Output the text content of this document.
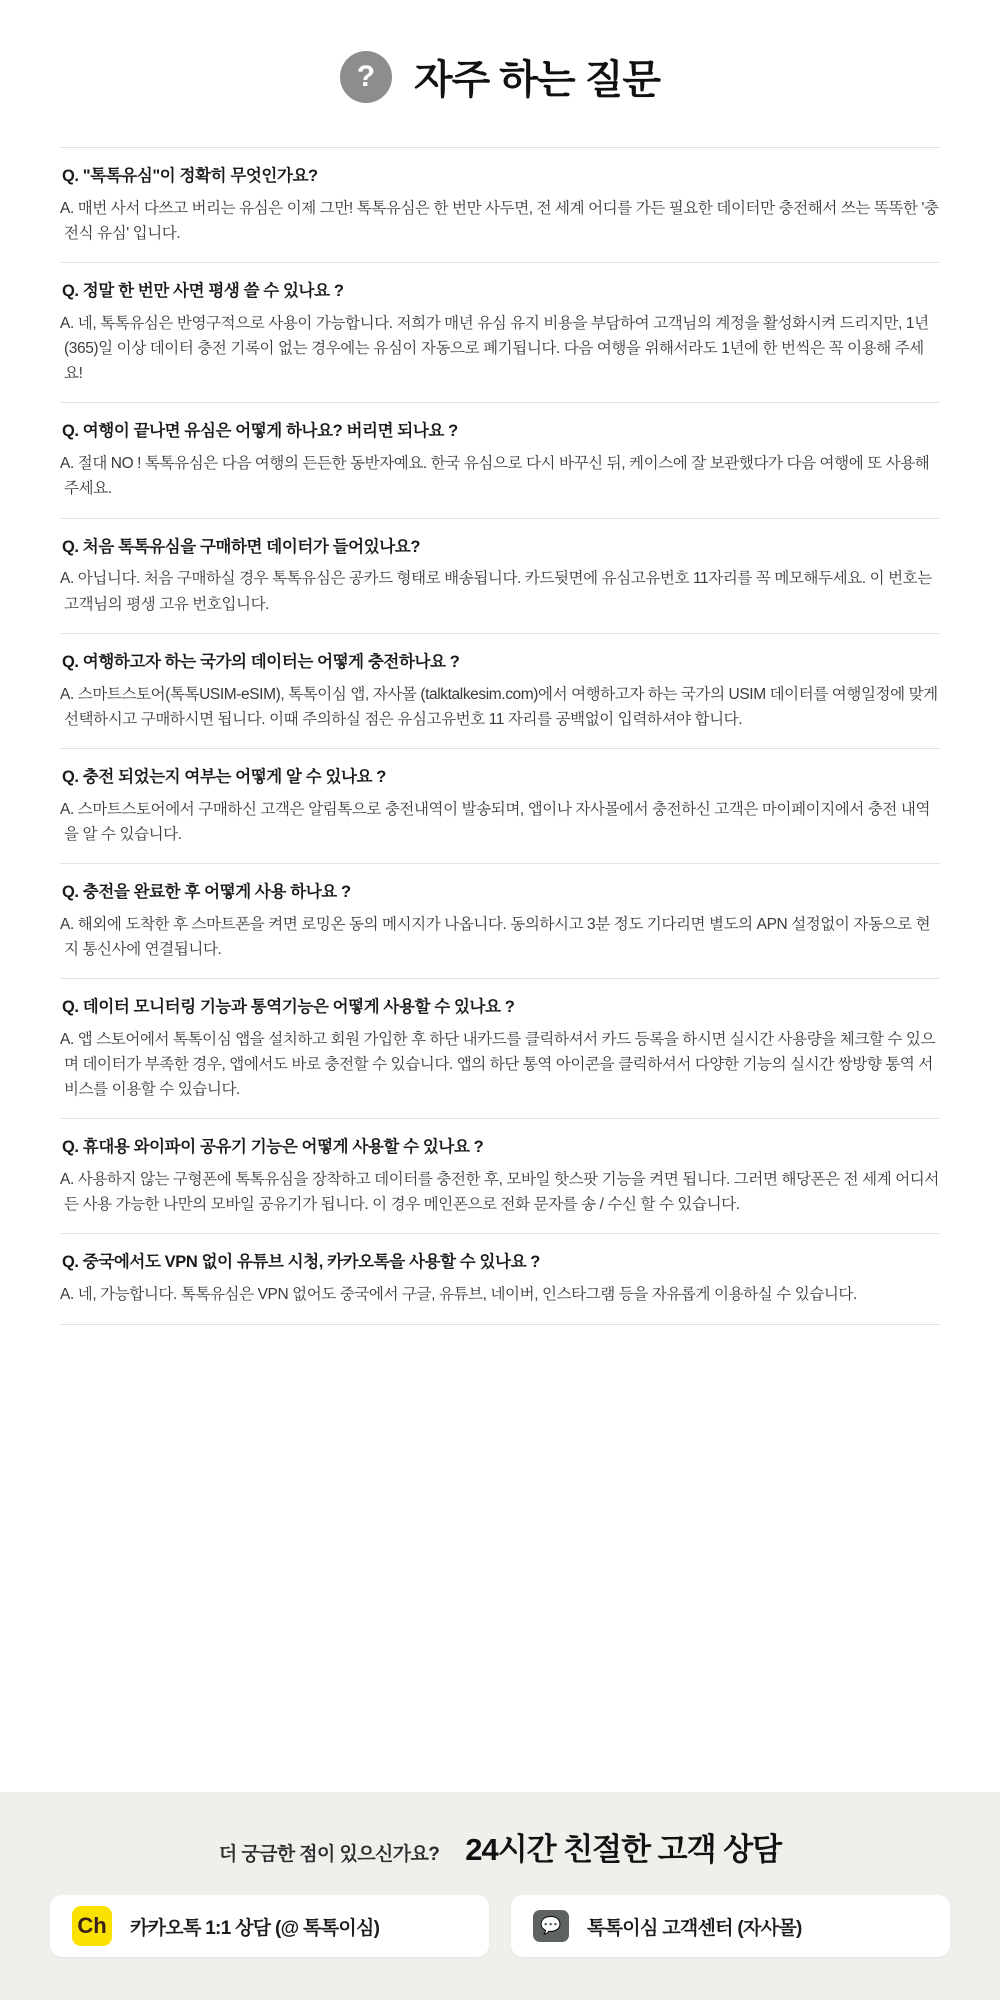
? 자주 하는 질문
Q. "톡톡유심"이 정확히 무엇인가요?
A. 매번 사서 다쓰고 버리는 유심은 이제 그만! 톡톡유심은 한 번만 사두면, 전 세계 어디를 가든 필요한 데이터만 충전해서 쓰는 똑똑한 '충전식 유심' 입니다.
Q. 정말 한 번만 사면 평생 쓸 수 있나요 ?
A. 네, 톡톡유심은 반영구적으로 사용이 가능합니다. 저희가 매년 유심 유지 비용을 부담하여 고객님의 계정을 활성화시켜 드리지만, 1년(365)일 이상 데이터 충전 기록이 없는 경우에는 유심이 자동으로 폐기됩니다. 다음 여행을 위해서라도 1년에 한 번씩은 꼭 이용해 주세요!
Q. 여행이 끝나면 유심은 어떻게 하나요? 버리면 되나요 ?
A. 절대 NO ! 톡톡유심은 다음 여행의 든든한 동반자예요. 한국 유심으로 다시 바꾸신 뒤, 케이스에 잘 보관했다가 다음 여행에 또 사용해 주세요.
Q. 처음 톡톡유심을 구매하면 데이터가 들어있나요?
A. 아닙니다. 처음 구매하실 경우 톡톡유심은 공카드 형태로 배송됩니다. 카드뒷면에 유심고유번호 11자리를 꼭 메모해두세요. 이 번호는 고객님의 평생 고유 번호입니다.
Q. 여행하고자 하는 국가의 데이터는 어떻게 충전하나요 ?
A. 스마트스토어(톡톡USIM-eSIM), 톡톡이심 앱, 자사몰 (talktalkesim.com)에서 여행하고자 하는 국가의 USIM 데이터를 여행일정에 맞게 선택하시고 구매하시면 됩니다. 이때 주의하실 점은 유심고유번호 11 자리를 공백없이 입력하셔야 합니다.
Q. 충전 되었는지 여부는 어떻게 알 수 있나요 ?
A. 스마트스토어에서 구매하신 고객은 알림톡으로 충전내역이 발송되며, 앱이나 자사몰에서 충전하신 고객은 마이페이지에서 충전 내역을 알 수 있습니다.
Q. 충전을 완료한 후 어떻게 사용 하나요 ?
A. 해외에 도착한 후 스마트폰을 켜면 로밍온 동의 메시지가 나옵니다. 동의하시고 3분 정도 기다리면 별도의 APN 설정없이 자동으로 현지 통신사에 연결됩니다.
Q. 데이터 모니터링 기능과 통역기능은 어떻게 사용할 수 있나요 ?
A. 앱 스토어에서 톡톡이심 앱을 설치하고 회원 가입한 후 하단 내카드를 클릭하셔서 카드 등록을 하시면 실시간 사용량을 체크할 수 있으며 데이터가 부족한 경우, 앱에서도 바로 충전할 수 있습니다. 앱의 하단 통역 아이콘을 클릭하셔서 다양한 기능의 실시간 쌍방향 통역 서비스를 이용할 수 있습니다.
Q. 휴대용 와이파이 공유기 기능은 어떻게 사용할 수 있나요 ?
A. 사용하지 않는 구형폰에 톡톡유심을 장착하고 데이터를 충전한 후, 모바일 핫스팟 기능을 켜면 됩니다. 그러면 해당폰은 전 세계 어디서든 사용 가능한 나만의 모바일 공유기가 됩니다. 이 경우 메인폰으로 전화 문자를 송 / 수신 할 수 있습니다.
Q. 중국에서도 VPN 없이 유튜브 시청, 카카오톡을 사용할 수 있나요 ?
A. 네, 가능합니다. 톡톡유심은 VPN 없어도 중국에서 구글, 유튜브, 네이버, 인스타그램 등을 자유롭게 이용하실 수 있습니다.
더 궁금한 점이 있으신가요? 24시간 친절한 고객 상담
Ch 카카오톡 1:1 상담 (@ 톡톡이심)	💬	톡톡이심 고객센터 (자사몰)
